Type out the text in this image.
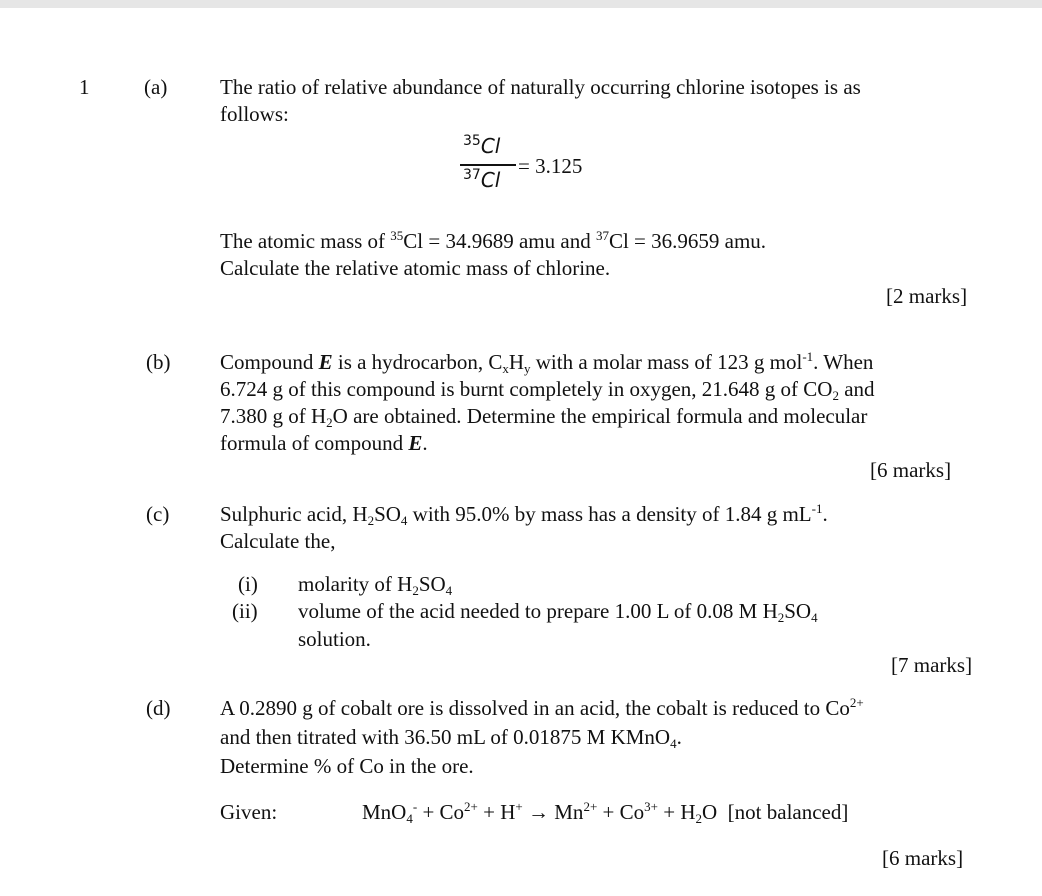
1	(a)	The ratio of relative abundance of naturally occurring chlorine isotopes is as
follows:
$^{35}$Cl
$^{37}$Cl
= 3.125
The atomic mass of $^{35}$Cl = 34.9689 amu and $^{37}$Cl = 36.9659 amu.
Calculate the relative atomic mass of chlorine.
[2 marks]
(b) Compound E is a hydrocarbon, $C_xH_y$ with a molar mass of 123 g mol$^{-1}$. When
6.724 g of this compound is burnt completely in oxygen, 21.648 g of $CO_2$ and
7.380 g of $H_2O$ are obtained. Determine the empirical formula and molecular
formula of compound E.
[6 marks]
(c) Sulphuric acid, $H_2SO_4$ with 95.0% by mass has a density of 1.84 g $mL^{-1}$.
Calculate the,
(i) molarity of $H_2SO_4$
(ii) volume of the acid needed to prepare 1.00 L of 0.08 M $H_2SO_4$
solution.
[7 marks]
(d) A 0.2890 g of cobalt ore is dissolved in an acid, the cobalt is reduced to $Co^{2+}$
and then titrated with 36.50 mL of 0.01875 M KMnO$_4$.
Determine % of Co in the ore.
Given:	$MnO_4^- + Co^{2+} + H^+ \to Mn^{2+} + Co^{3+} + H_2O$  [not balanced]
[6 marks]
